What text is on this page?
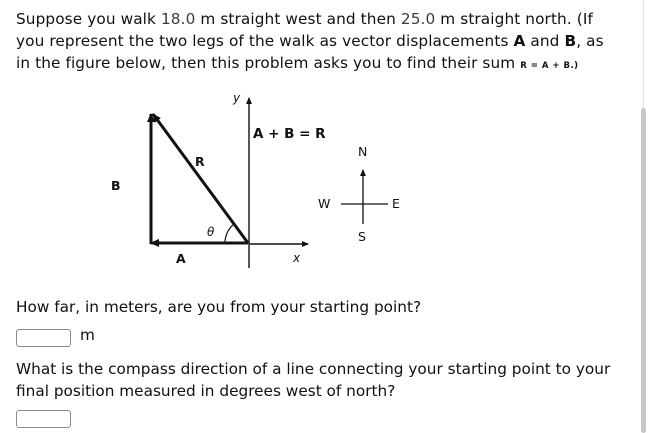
Suppose you walk 18.0 m straight west and then 25.0 m straight north. (If
you represent the two legs of the walk as vector displacements A and B, as
in the figure below, then this problem asks you to find their sum R = A + B.)
y
x
A + B = R
R
B
A
θ
N
S
W	E
How far, in meters, are you from your starting point?
m
What is the compass direction of a line connecting your starting point to your
final position measured in degrees west of north?
